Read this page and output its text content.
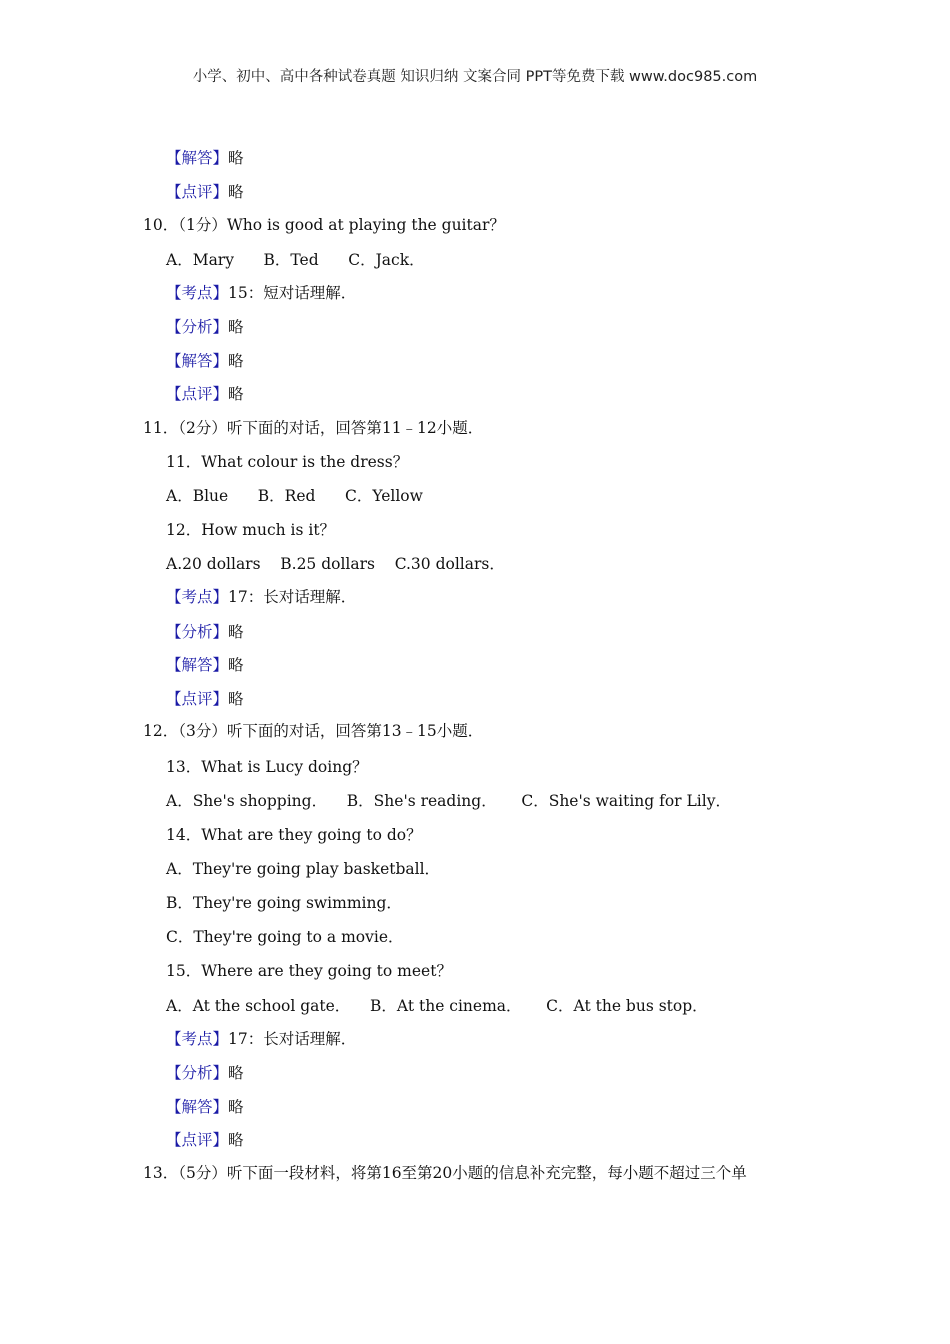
小学、初中、高中各种试卷真题 知识归纳 文案合同 PPT等免费下载 www.doc985.com
【解答】略
【点评】略
10．（1分）Who is good at playing the guitar？
A．Mary      B．Ted      C．Jack．
【考点】15：短对话理解．
【分析】略
【解答】略
【点评】略
11．（2分）听下面的对话，回答第11﹣12小题．
11．What colour is the dress？
A．Blue      B．Red      C．Yellow
12．How much is it？
A.20 dollars    B.25 dollars    C.30 dollars．
【考点】17：长对话理解．
【分析】略
【解答】略
【点评】略
12．（3分）听下面的对话，回答第13﹣15小题．
13．What is Lucy doing？
A．She's shopping．    B．She's reading．     C．She's waiting for Lily．
14．What are they going to do？
A．They're going play basketball．
B．They're going swimming．
C．They're going to a movie．
15．Where are they going to meet？
A．At the school gate．    B．At the cinema．     C．At the bus stop．
【考点】17：长对话理解．
【分析】略
【解答】略
【点评】略
13．（5分）听下面一段材料，将第16至第20小题的信息补充完整，每小题不超过三个单
